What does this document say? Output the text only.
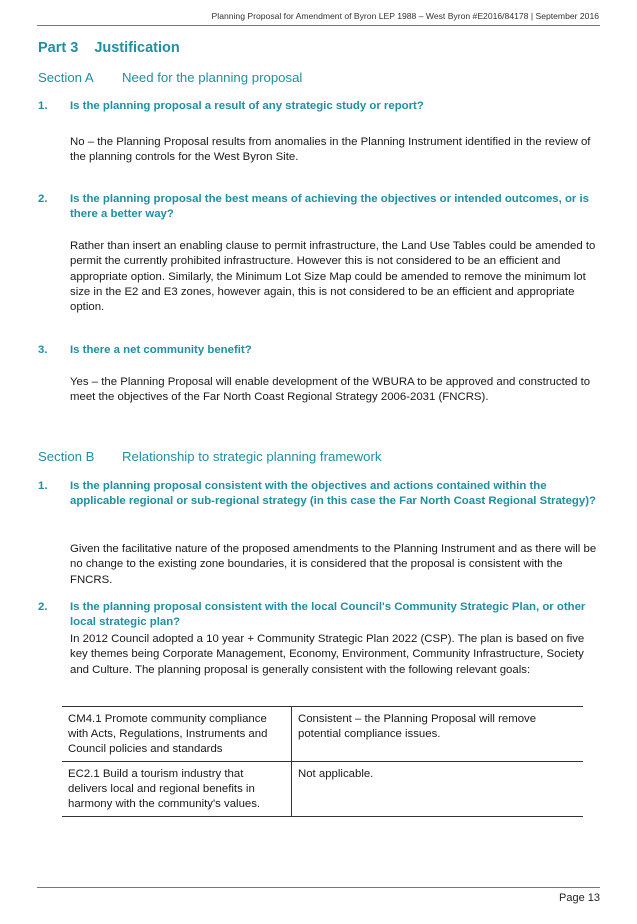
Planning Proposal for Amendment of Byron LEP 1988 – West Byron #E2016/84178 | September 2016
Part 3 Justification
Section A Need for the planning proposal
1. Is the planning proposal a result of any strategic study or report?
No – the Planning Proposal results from anomalies in the Planning Instrument identified in the review of the planning controls for the West Byron Site.
2. Is the planning proposal the best means of achieving the objectives or intended outcomes, or is there a better way?
Rather than insert an enabling clause to permit infrastructure, the Land Use Tables could be amended to permit the currently prohibited infrastructure. However this is not considered to be an efficient and appropriate option. Similarly, the Minimum Lot Size Map could be amended to remove the minimum lot size in the E2 and E3 zones, however again, this is not considered to be an efficient and appropriate option.
3. Is there a net community benefit?
Yes – the Planning Proposal will enable development of the WBURA to be approved and constructed to meet the objectives of the Far North Coast Regional Strategy 2006-2031 (FNCRS).
Section B Relationship to strategic planning framework
1. Is the planning proposal consistent with the objectives and actions contained within the applicable regional or sub-regional strategy (in this case the Far North Coast Regional Strategy)?
Given the facilitative nature of the proposed amendments to the Planning Instrument and as there will be no change to the existing zone boundaries, it is considered that the proposal is consistent with the FNCRS.
2. Is the planning proposal consistent with the local Council's Community Strategic Plan, or other local strategic plan?
In 2012 Council adopted a 10 year + Community Strategic Plan 2022 (CSP). The plan is based on five key themes being Corporate Management, Economy, Environment, Community Infrastructure, Society and Culture. The planning proposal is generally consistent with the following relevant goals:
CM4.1 Promote community compliance with Acts, Regulations, Instruments and Council policies and standards	Consistent – the Planning Proposal will remove potential compliance issues.
EC2.1 Build a tourism industry that delivers local and regional benefits in harmony with the community's values.	Not applicable.
Page 13
